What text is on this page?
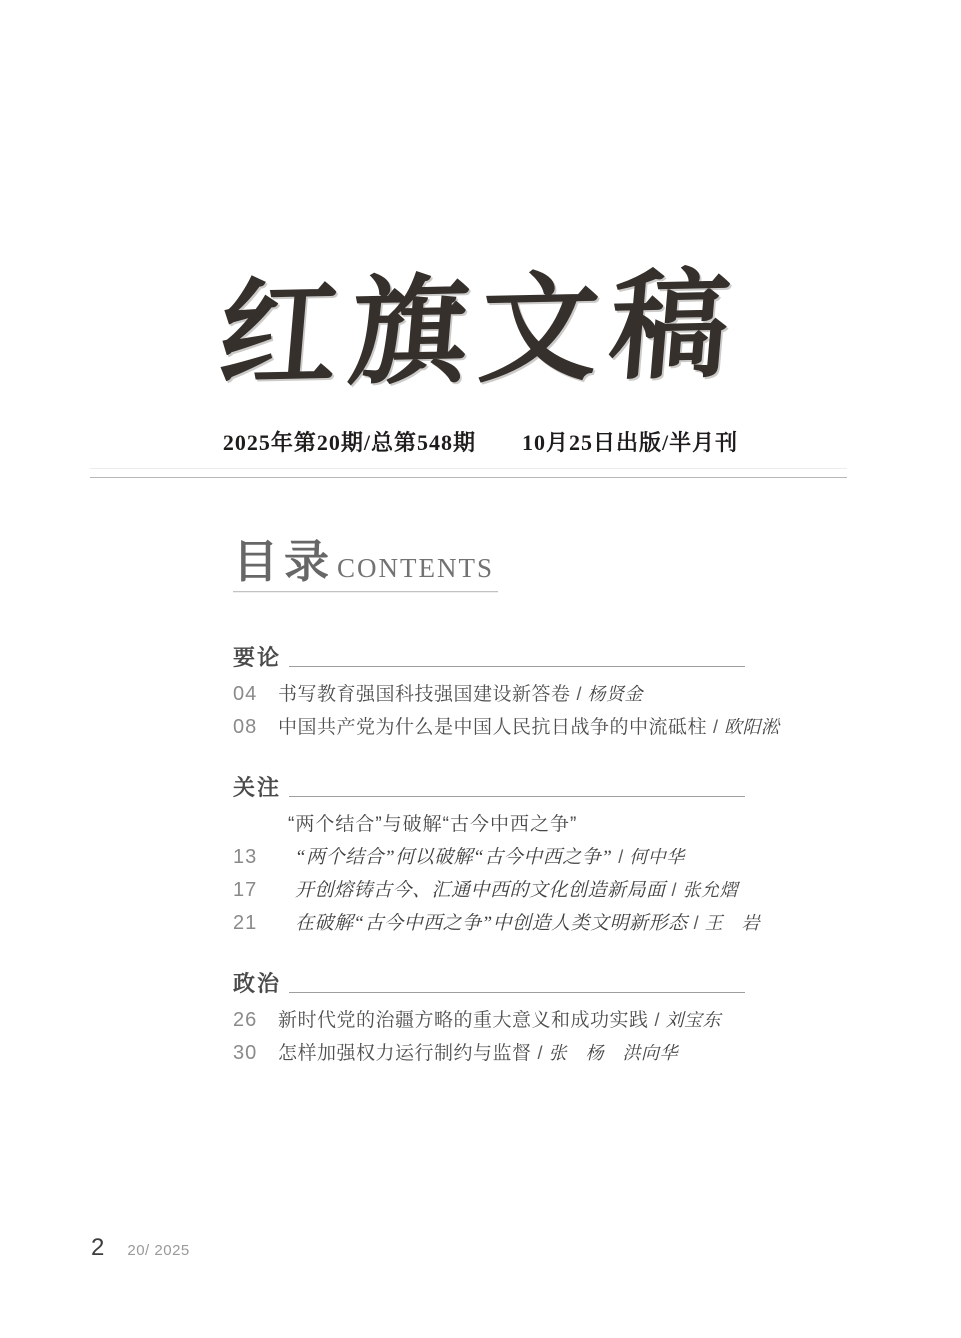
红旗文稿
2025年第20期/总第548期 10月25日出版/半月刊
目录CONTENTS
要论
04	书写教育强国科技强国建设新答卷 / 杨贤金
08	中国共产党为什么是中国人民抗日战争的中流砥柱 / 欧阳淞
关注
“两个结合”与破解“古今中西之争”
13	“两个结合”何以破解“古今中西之争” / 何中华
17	开创熔铸古今、汇通中西的文化创造新局面 / 张允熠
21	在破解“古今中西之争”中创造人类文明新形态 / 王　岩
政治
26	新时代党的治疆方略的重大意义和成功实践 / 刘宝东
30	怎样加强权力运行制约与监督 / 张　杨　洪向华
2 20/ 2025
